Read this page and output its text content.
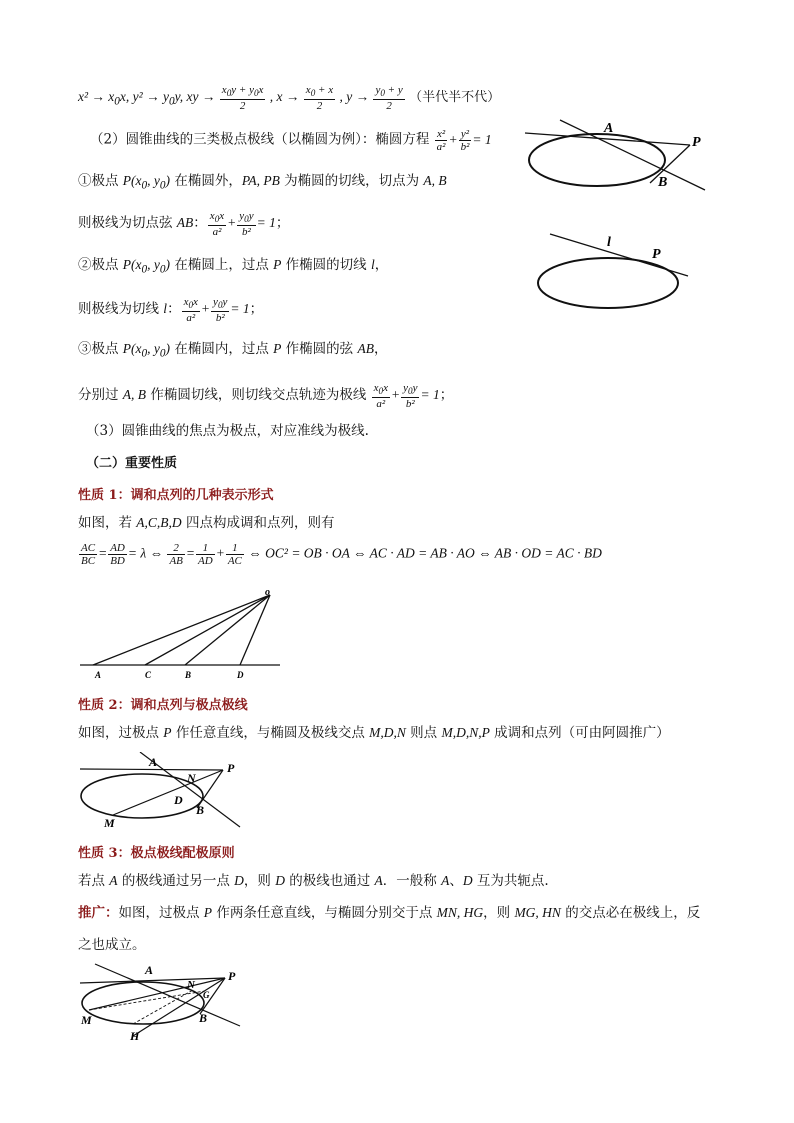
$x^2 \to x_0x$, $y^2 \to y_0y$, xy → $\frac{x_0y + y_0x}{2}$ , $x \to \frac{x_0 + x}{2}$ , $y \to \frac{y_0 + y}{2}$ （半代半不代）
（2）圆锥曲线的三类极点极线（以椭圆为例）：椭圆方程 $\frac{\text{x²}}{\text{a²}} + \frac{\text{y²}}{\text{b²}} = 1$
①极点 $P(x_0$, $y_0$) 在椭圆外，PA, PB 为椭圆的切线，切点为 A, B
则极线为切点弦 AB： $\frac{x_0x}{\text{a²}} + \frac{y_0y}{\text{b²}} = 1$；
②极点 $P(x_0$, $y_0$) 在椭圆上，过点 P 作椭圆的切线 l，
则极线为切线 l： $\frac{x_0x}{\text{a²}} + \frac{y_0y}{\text{b²}} = 1$；
③极点 $P(x_0$, $y_0$) 在椭圆内，过点 P 作椭圆的弦 AB，
分别过 A, B 作椭圆切线，则切线交点轨迹为极线 $\frac{x_0x}{\text{a²}} + \frac{y_0y}{\text{b²}} = 1$；
（3）圆锥曲线的焦点为极点，对应准线为极线.
（二）重要性质
性质 1：调和点列的几种表示形式
如图，若 A,C,B,D 四点构成调和点列，则有
$\frac{AC}{BC} = \frac{AD}{BD} = \lambda$ ⇔ $\frac{2}{AB} = \frac{1}{AD} + \frac{1}{AC}$ ⇔ OC² = OB · OA ⇔ AC · AD = AB · AO ⇔ AB · OD = AC · BD
性质 2：调和点列与极点极线
如图，过极点 P 作任意直线，与椭圆及极线交点 M,D,N 则点 M,D,N,P 成调和点列（可由阿圆推广）
性质 3：极点极线配极原则
若点 A 的极线通过另一点 D，则 D 的极线也通过 A．一般称 A、D 互为共轭点.
推广：如图，过极点 P 作两条任意直线，与椭圆分别交于点 MN, HG，则 MG, HN 的交点必在极线上，反
之也成立。
A
P
B
l
P
o
A	C	B	D
A
N
P
D
B
M
A
N
G
P
B
M
H
